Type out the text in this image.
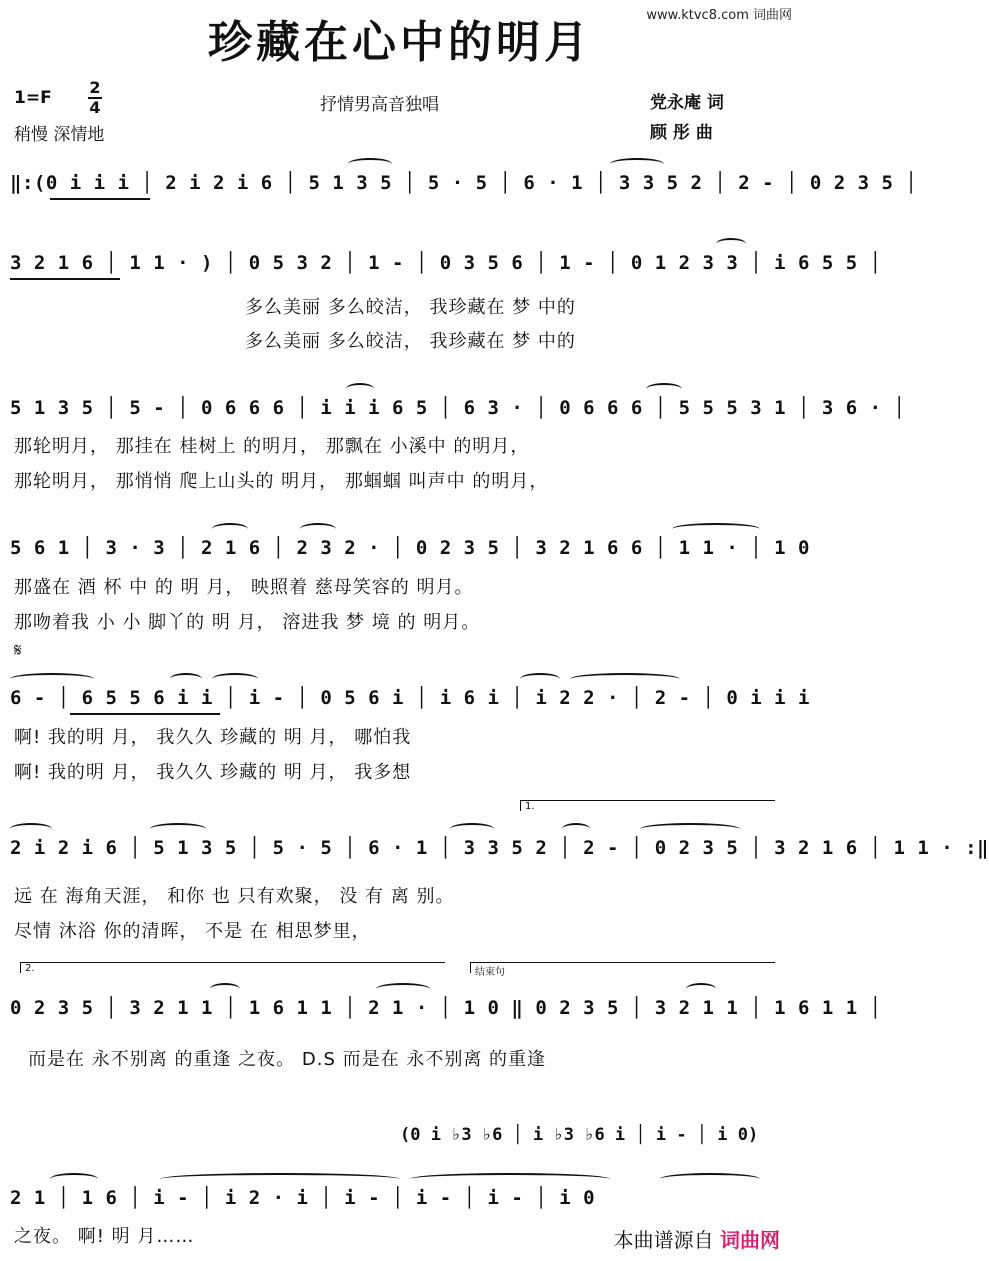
珍藏在心中的明月
www.ktvc8.com 词曲网
1=F
2
4
稍慢 深情地
抒情男高音独唱	党永庵 词
顾 彤 曲
‖:(0 i i i │ 2 i 2 i 6 │ 5 1 3 5 │ 5 · 5 │ 6 · 1 │ 3 3 5 2 │ 2 - │ 0 2 3 5 │
3 2 1 6 │ 1 1 · ) │ 0 5 3 2 │ 1 - │ 0 3 5 6 │ 1 - │ 0 1 2 3 3 │ i 6 5 5 │
多么美丽 多么皎洁， 我珍藏在 梦 中的
多么美丽 多么皎洁， 我珍藏在 梦 中的
5 1 3 5 │ 5 - │ 0 6 6 6 │ i i i 6 5 │ 6 3 · │ 0 6 6 6 │ 5 5 5 3 1 │ 3 6 · │
那轮明月， 那挂在 桂树上 的明月， 那飘在 小溪中 的明月，
那轮明月， 那悄悄 爬上山头的 明月， 那蝈蝈 叫声中 的明月，
5 6 1 │ 3 · 3 │ 2 1 6 │ 2 3 2 · │ 0 2 3 5 │ 3 2 1 6 6 │ 1 1 · │ 1 0
那盛在 酒 杯 中 的 明 月， 映照着 慈母笑容的 明月。
那吻着我 小 小 脚丫的 明 月， 溶进我 梦 境 的 明月。
𝄋
6 - │ 6 5 5 6 i i │ i - │ 0 5 6 i │ i 6 i │ i 2 2 · │ 2 - │ 0 i i i
啊! 我的明 月， 我久久 珍藏的 明 月， 哪怕我
啊! 我的明 月， 我久久 珍藏的 明 月， 我多想
1.
2 i 2 i 6 │ 5 1 3 5 │ 5 · 5 │ 6 · 1 │ 3 3 5 2 │ 2 - │ 0 2 3 5 │ 3 2 1 6 │ 1 1 · :‖
远 在 海角天涯， 和你 也 只有欢聚， 没 有 离 别。
尽情 沐浴 你的清晖， 不是 在 相思梦里，
2.	结束句
0 2 3 5 │ 3 2 1 1 │ 1 6 1 1 │ 2 1 · │ 1 0 ‖ 0 2 3 5 │ 3 2 1 1 │ 1 6 1 1 │
而是在 永不别离 的重逢 之夜。 D.S 而是在 永不别离 的重逢
(0 i ♭3 ♭6 │ i ♭3 ♭6 i │ i - │ i 0)
2 1 │ 1 6 │ i - │ i 2 · i │ i - │ i - │ i - │ i 0
之夜。 啊! 明 月……	本曲谱源自 词曲网
